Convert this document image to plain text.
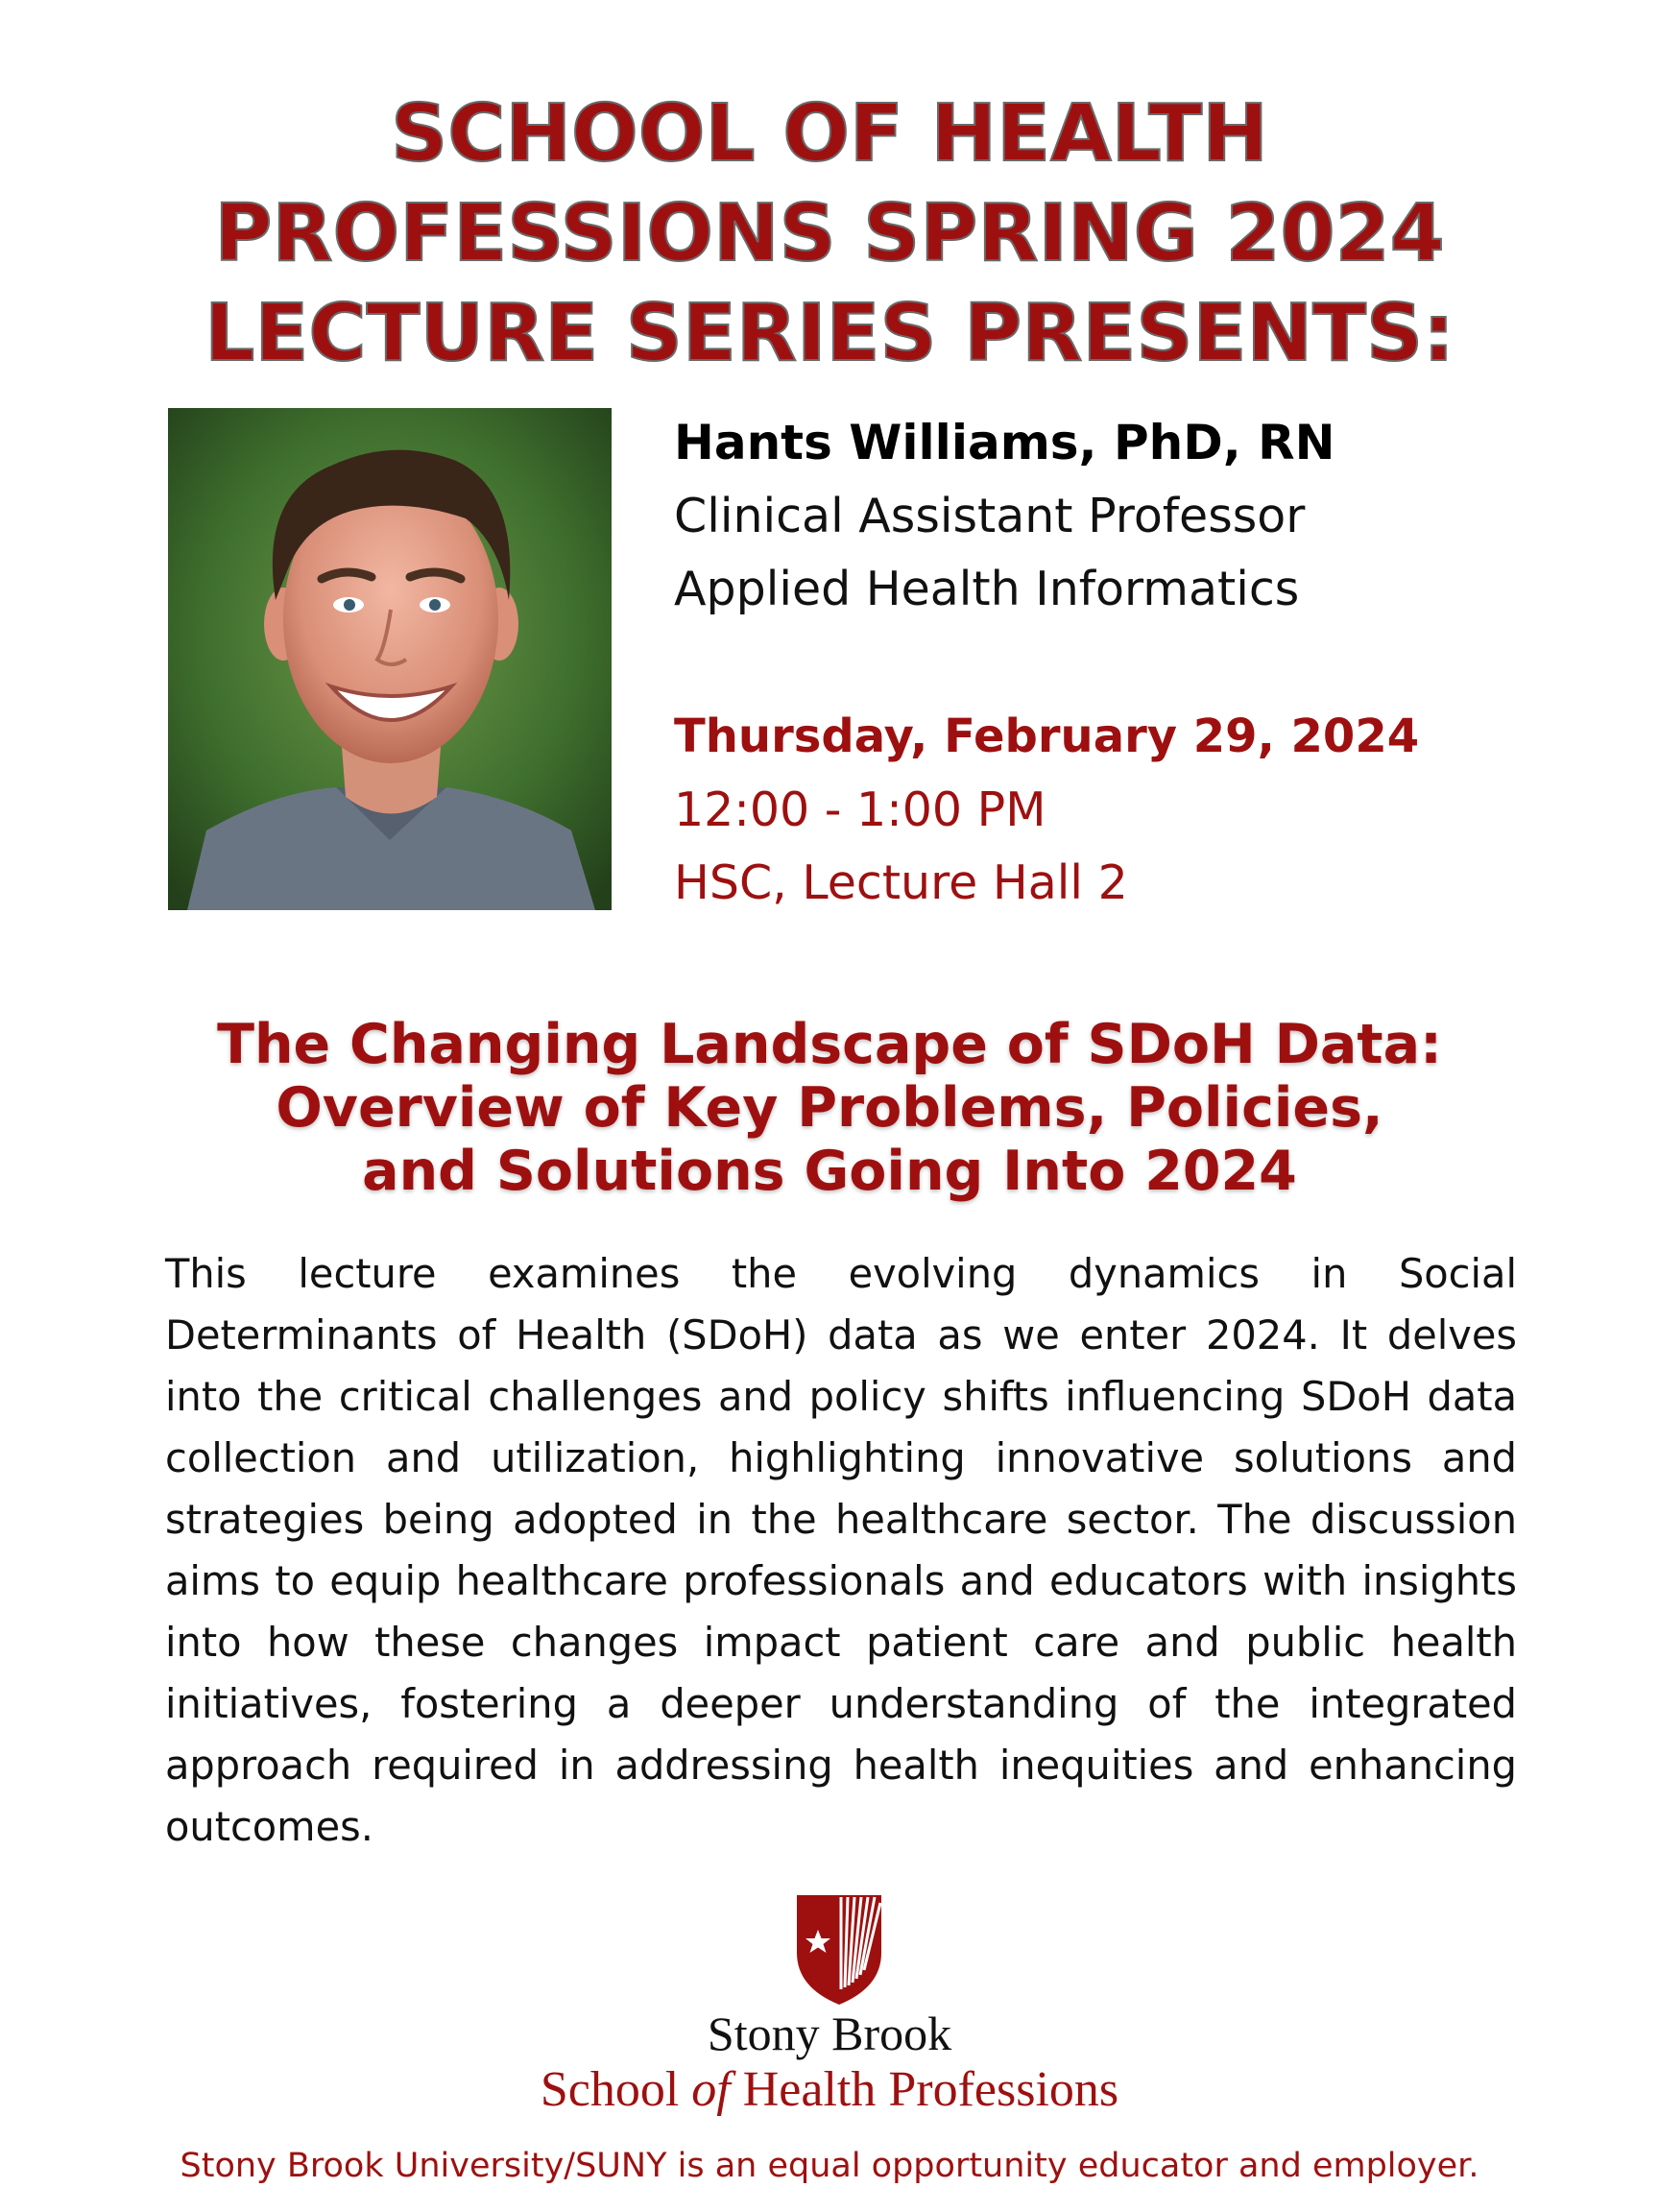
SCHOOL OF HEALTH
PROFESSIONS SPRING 2024
LECTURE SERIES PRESENTS:
Hants Williams, PhD, RN
Clinical Assistant Professor
Applied Health Informatics
Thursday, February 29, 2024
12:00 - 1:00 PM
HSC, Lecture Hall 2
The Changing Landscape of SDoH Data:
Overview of Key Problems, Policies,
and Solutions Going Into 2024
This lecture examines the evolving dynamics in Social Determinants of Health (SDoH) data as we enter 2024. It delves into the critical challenges and policy shifts influencing SDoH data collection and utilization, highlighting innovative solutions and strategies being adopted in the healthcare sector. The discussion aims to equip healthcare professionals and educators with insights into how these changes impact patient care and public health initiatives, fostering a deeper understanding of the integrated approach required in addressing health inequities and enhancing outcomes.
Stony Brook
School of Health Professions
Stony Brook University/SUNY is an equal opportunity educator and employer.
